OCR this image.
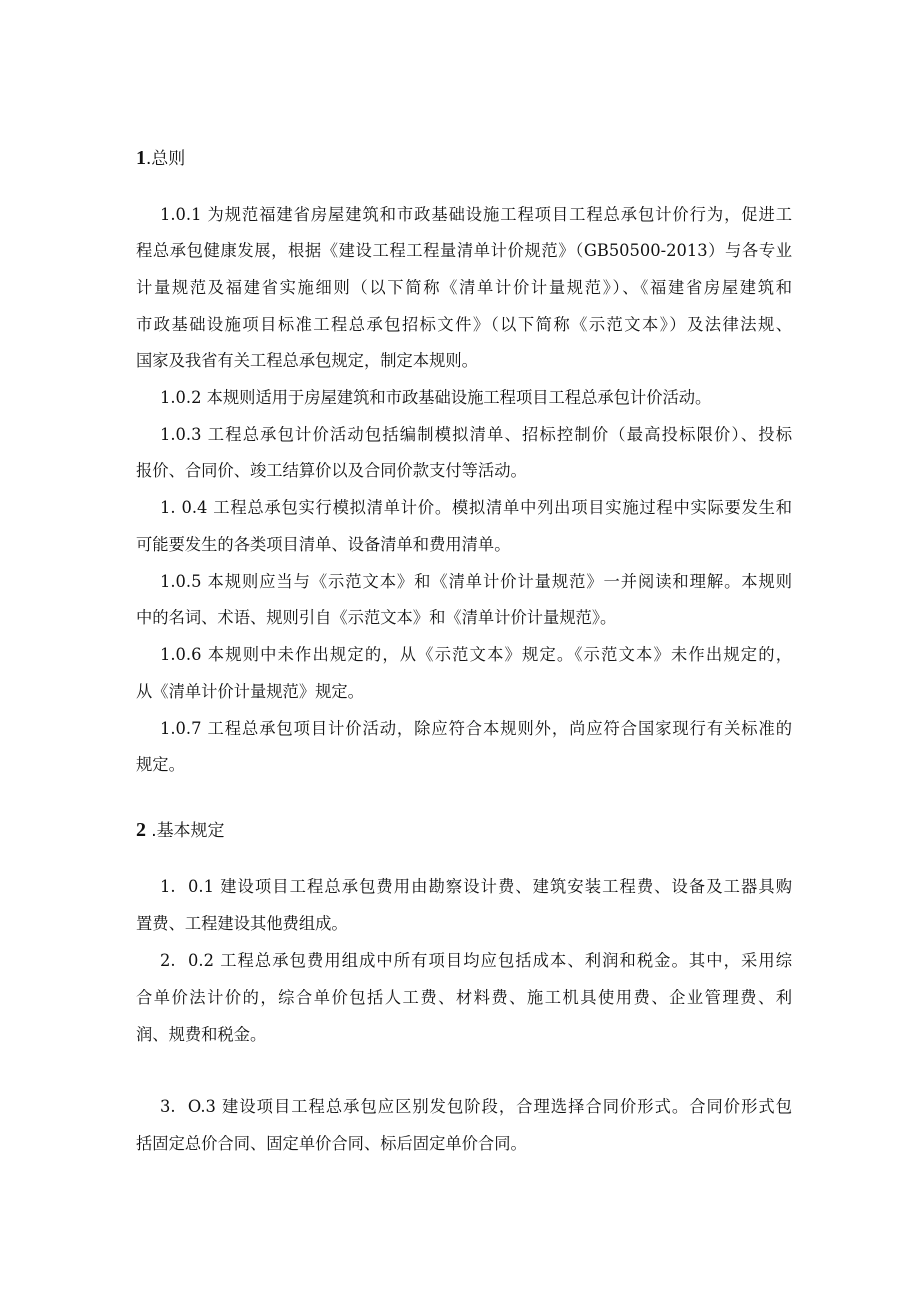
1.总则
1.0.1 为规范福建省房屋建筑和市政基础设施工程项目工程总承包计价行为，促进工
程总承包健康发展，根据《建设工程工程量清单计价规范》（GB50500-2013）与各专业
计量规范及福建省实施细则（以下简称《清单计价计量规范》）、《福建省房屋建筑和
市政基础设施项目标准工程总承包招标文件》（以下简称《示范文本》）及法律法规、
国家及我省有关工程总承包规定，制定本规则。
1.0.2 本规则适用于房屋建筑和市政基础设施工程项目工程总承包计价活动。
1.0.3 工程总承包计价活动包括编制模拟清单、招标控制价（最高投标限价）、投标
报价、合同价、竣工结算价以及合同价款支付等活动。
1. 0.4 工程总承包实行模拟清单计价。模拟清单中列出项目实施过程中实际要发生和
可能要发生的各类项目清单、设备清单和费用清单。
1.0.5 本规则应当与《示范文本》和《清单计价计量规范》一并阅读和理解。本规则
中的名词、术语、规则引自《示范文本》和《清单计价计量规范》。
1.0.6 本规则中未作出规定的，从《示范文本》规定。《示范文本》未作出规定的，
从《清单计价计量规范》规定。
1.0.7 工程总承包项目计价活动，除应符合本规则外，尚应符合国家现行有关标准的
规定。
2 .基本规定
1.  0.1 建设项目工程总承包费用由勘察设计费、建筑安装工程费、设备及工器具购
置费、工程建设其他费组成。
2.  0.2 工程总承包费用组成中所有项目均应包括成本、利润和税金。其中，采用综
合单价法计价的，综合单价包括人工费、材料费、施工机具使用费、企业管理费、利
润、规费和税金。
3.  O.3 建设项目工程总承包应区别发包阶段，合理选择合同价形式。合同价形式包
括固定总价合同、固定单价合同、标后固定单价合同。
